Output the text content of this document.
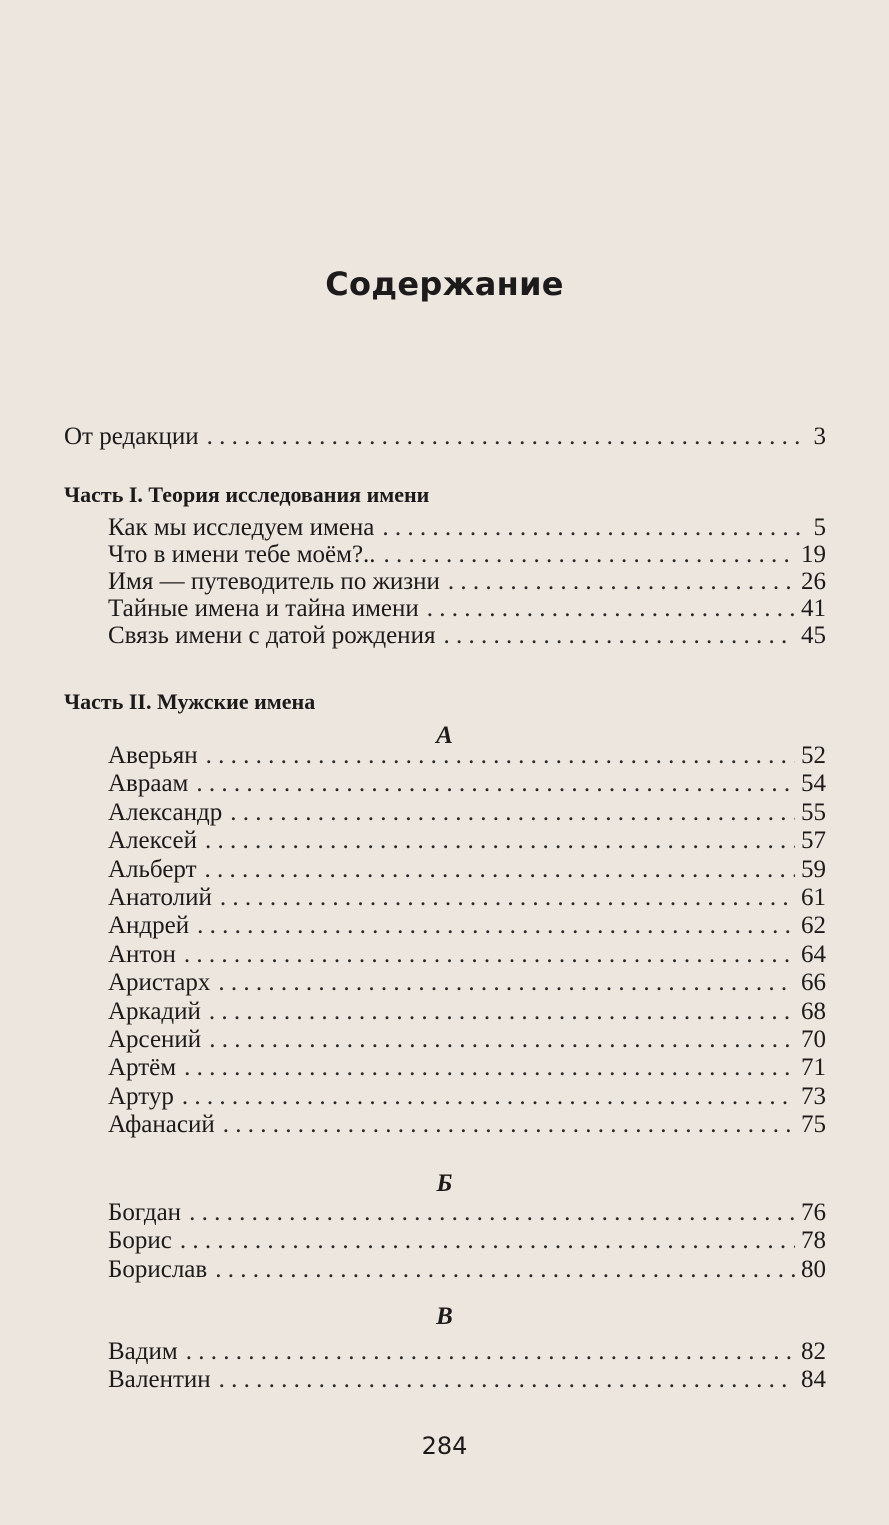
Содержание
От редакции . . .	3
Часть I. Теория исследования имени
Как мы исследуем имена . . .	5
Что в имени тебе моём?.. . . .	19
Имя — путеводитель по жизни . . .	26
Тайные имена и тайна имени . . .	41
Связь имени с датой рождения . . .	45
Часть II. Мужские имена
А
Аверьян . . .	52
Авраам . . .	54
Александр . . .	55
Алексей . . .	57
Альберт . . .	59
Анатолий . . .	61
Андрей . . .	62
Антон . . .	64
Аристарх . . .	66
Аркадий . . .	68
Арсений . . .	70
Артём . . .	71
Артур . . .	73
Афанасий . . .	75
Б
Богдан . . .	76
Борис . . .	78
Борислав . . .	80
В
Вадим . . .	82
Валентин . . .	84
284
